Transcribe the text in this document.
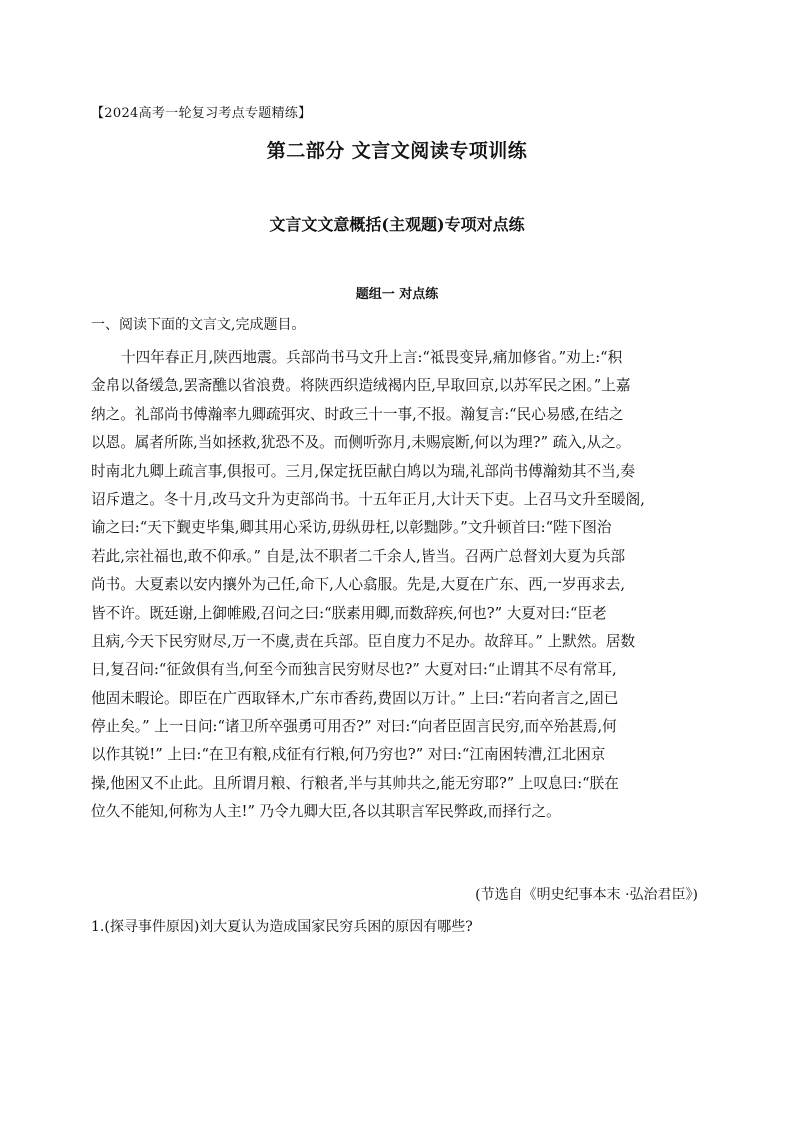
【2024高考一轮复习考点专题精练】
第二部分 文言文阅读专项训练
文言文文意概括(主观题)专项对点练
题组一 对点练
一、阅读下面的文言文,完成题目。
十四年春正月,陕西地震。兵部尚书马文升上言:“祗畏变异,痛加修省。”劝上:“积
金帛以备缓急,罢斋醮以省浪费。将陕西织造绒褐内臣,早取回京,以苏军民之困。”上嘉
纳之。礼部尚书傅瀚率九卿疏弭灾、时政三十一事,不报。瀚复言:“民心易感,在结之
以恩。属者所陈,当如拯救,犹恐不及。而侧听弥月,未赐宸断,何以为理?” 疏入,从之。
时南北九卿上疏言事,俱报可。三月,保定抚臣献白鸠以为瑞,礼部尚书傅瀚劾其不当,奏
诏斥遣之。冬十月,改马文升为吏部尚书。十五年正月,大计天下吏。上召马文升至暖阁,
谕之曰:“天下觐吏毕集,卿其用心采访,毋纵毋枉,以彰黜陟。”文升顿首曰:“陛下图治
若此,宗社福也,敢不仰承。” 自是,汰不职者二千余人,皆当。召两广总督刘大夏为兵部
尚书。大夏素以安内攘外为己任,命下,人心翕服。先是,大夏在广东、西,一岁再求去,
皆不许。既廷谢,上御帷殿,召问之曰:“朕素用卿,而数辞疾,何也?” 大夏对曰:“臣老
且病,今天下民穷财尽,万一不虞,责在兵部。臣自度力不足办。故辞耳。” 上默然。居数
日,复召问:“征敛俱有当,何至今而独言民穷财尽也?” 大夏对曰:“止谓其不尽有常耳,
他固未暇论。即臣在广西取铎木,广东市香药,费固以万计。” 上曰:“若向者言之,固已
停止矣。” 上一日问:“诸卫所卒强勇可用否?” 对曰:“向者臣固言民穷,而卒殆甚焉,何
以作其锐!” 上曰:“在卫有粮,戍征有行粮,何乃穷也?” 对曰:“江南困转漕,江北困京
操,他困又不止此。且所谓月粮、行粮者,半与其帅共之,能无穷耶?” 上叹息曰:“朕在
位久不能知,何称为人主!” 乃令九卿大臣,各以其职言军民弊政,而择行之。
(节选自《明史纪事本末 ·弘治君臣》)
1.(探寻事件原因)刘大夏认为造成国家民穷兵困的原因有哪些?
